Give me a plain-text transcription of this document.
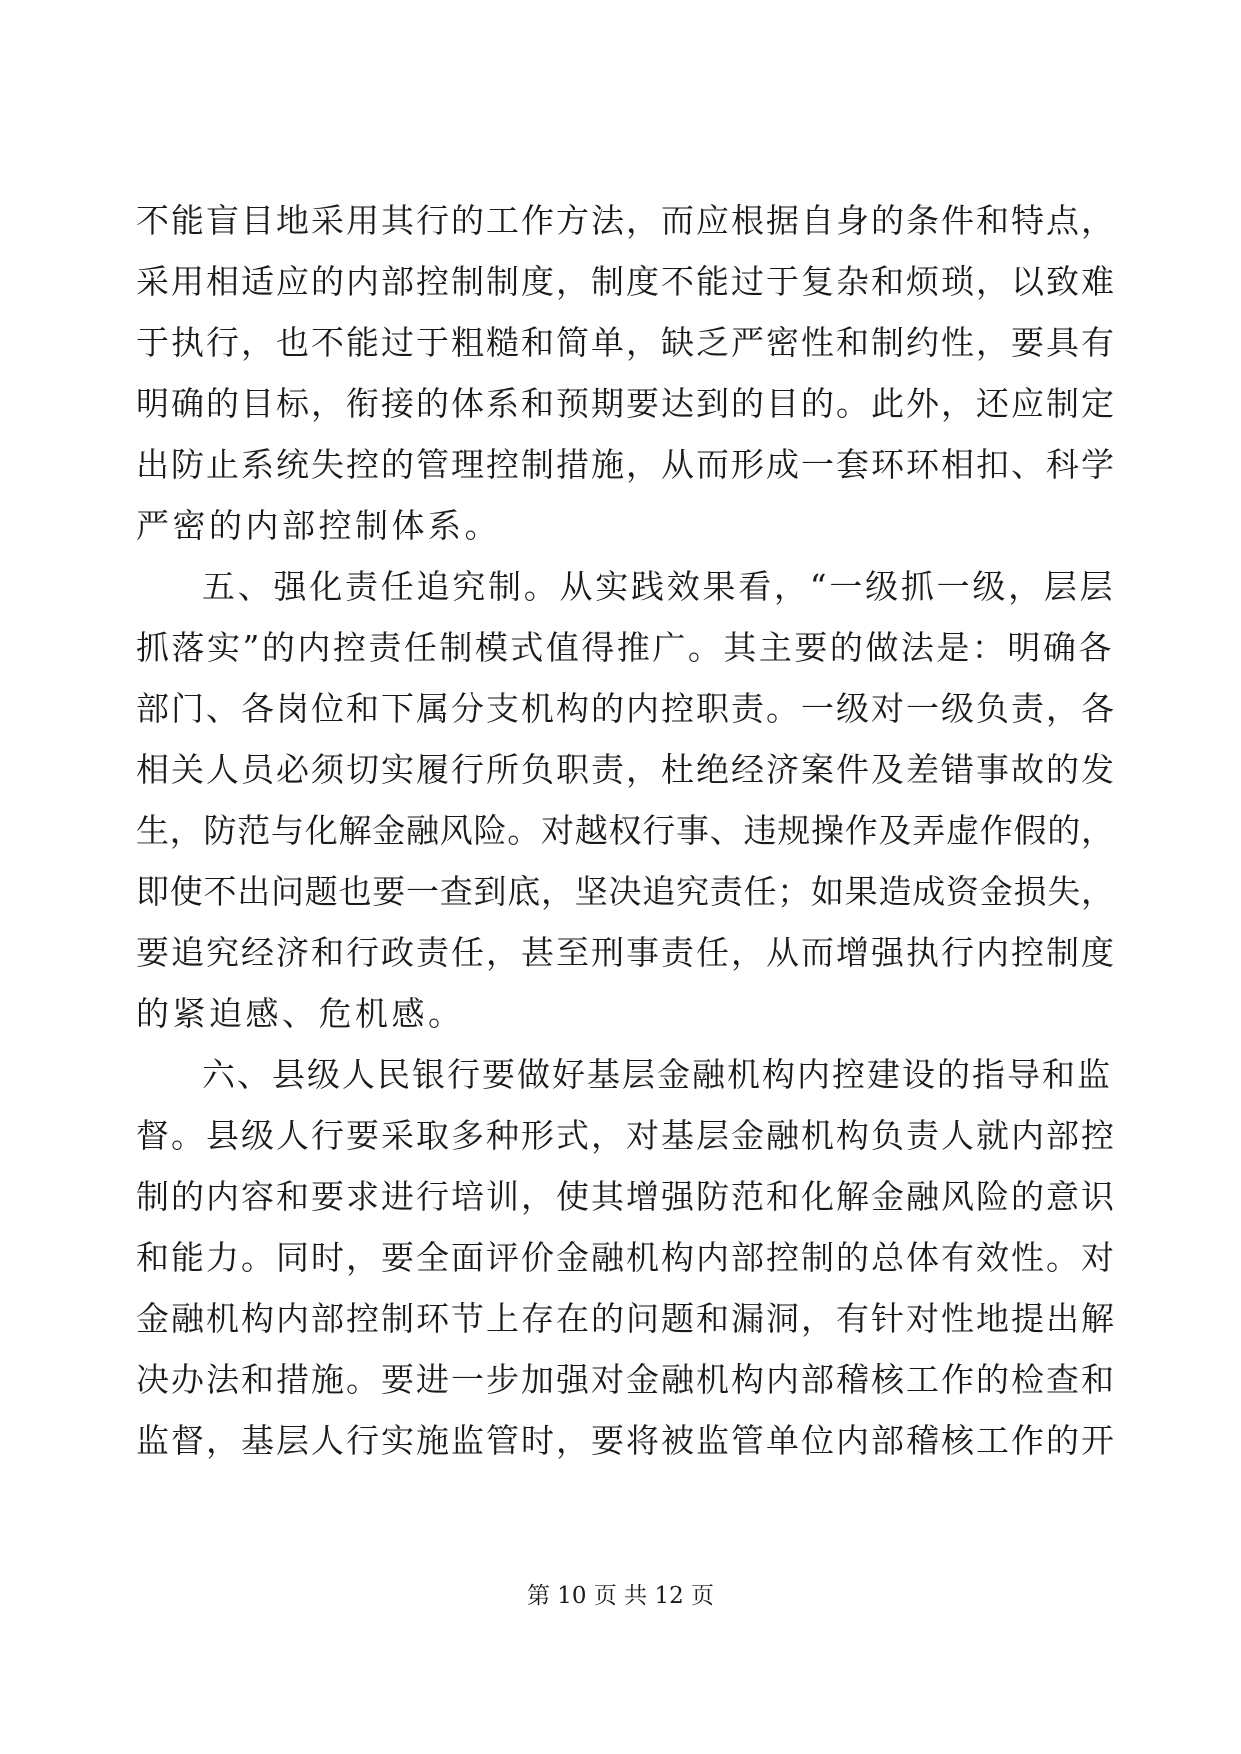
不能盲目地采用其行的工作方法，而应根据自身的条件和特点，
采用相适应的内部控制制度，制度不能过于复杂和烦琐，以致难
于执行，也不能过于粗糙和简单，缺乏严密性和制约性，要具有
明确的目标，衔接的体系和预期要达到的目的。此外，还应制定
出防止系统失控的管理控制措施，从而形成一套环环相扣、科学
严密的内部控制体系。
五、强化责任追究制。从实践效果看，“一级抓一级，层层
抓落实”的内控责任制模式值得推广。其主要的做法是：明确各
部门、各岗位和下属分支机构的内控职责。一级对一级负责，各
相关人员必须切实履行所负职责，杜绝经济案件及差错事故的发
生，防范与化解金融风险。对越权行事、违规操作及弄虚作假的，
即使不出问题也要一查到底，坚决追究责任；如果造成资金损失，
要追究经济和行政责任，甚至刑事责任，从而增强执行内控制度
的紧迫感、危机感。
六、县级人民银行要做好基层金融机构内控建设的指导和监
督。县级人行要采取多种形式，对基层金融机构负责人就内部控
制的内容和要求进行培训，使其增强防范和化解金融风险的意识
和能力。同时，要全面评价金融机构内部控制的总体有效性。对
金融机构内部控制环节上存在的问题和漏洞，有针对性地提出解
决办法和措施。要进一步加强对金融机构内部稽核工作的检查和
监督，基层人行实施监管时，要将被监管单位内部稽核工作的开
第 10 页 共 12 页
